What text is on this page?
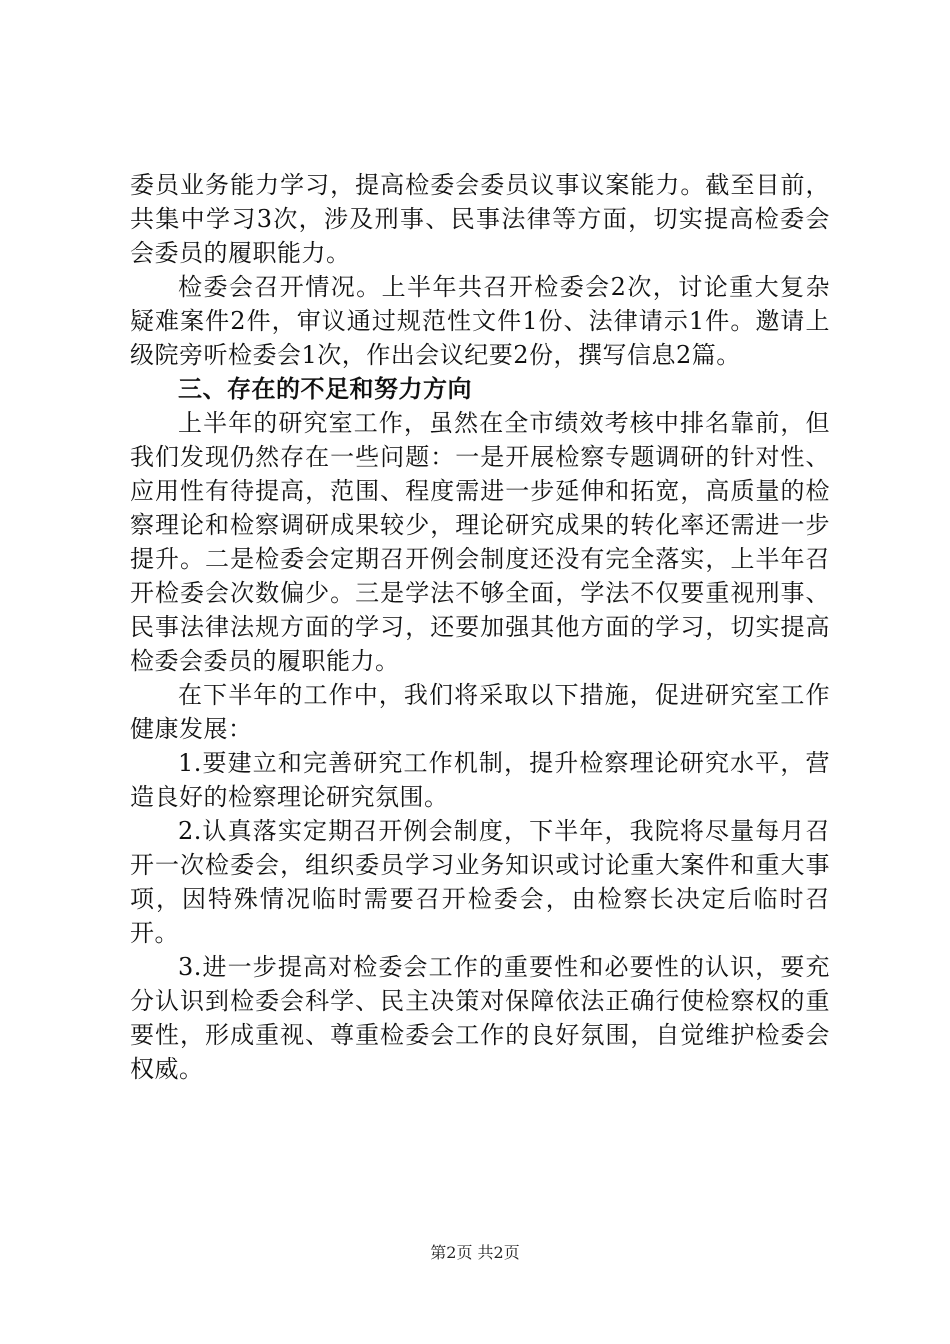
委员业务能力学习，提高检委会委员议事议案能力。截至目前，共集中学习3次，涉及刑事、民事法律等方面，切实提高检委会会委员的履职能力。

检委会召开情况。上半年共召开检委会2次，讨论重大复杂疑难案件2件，审议通过规范性文件1份、法律请示1件。邀请上级院旁听检委会1次，作出会议纪要2份，撰写信息2篇。

三、存在的不足和努力方向

上半年的研究室工作，虽然在全市绩效考核中排名靠前，但我们发现仍然存在一些问题：一是开展检察专题调研的针对性、应用性有待提高，范围、程度需进一步延伸和拓宽，高质量的检察理论和检察调研成果较少，理论研究成果的转化率还需进一步提升。二是检委会定期召开例会制度还没有完全落实，上半年召开检委会次数偏少。三是学法不够全面，学法不仅要重视刑事、民事法律法规方面的学习，还要加强其他方面的学习，切实提高检委会委员的履职能力。

在下半年的工作中，我们将采取以下措施，促进研究室工作健康发展：

1.要建立和完善研究工作机制，提升检察理论研究水平，营造良好的检察理论研究氛围。

2.认真落实定期召开例会制度，下半年，我院将尽量每月召开一次检委会，组织委员学习业务知识或讨论重大案件和重大事项，因特殊情况临时需要召开检委会，由检察长决定后临时召开。

3.进一步提高对检委会工作的重要性和必要性的认识，要充分认识到检委会科学、民主决策对保障依法正确行使检察权的重要性，形成重视、尊重检委会工作的良好氛围，自觉维护检委会权威。

第2页 共2页
